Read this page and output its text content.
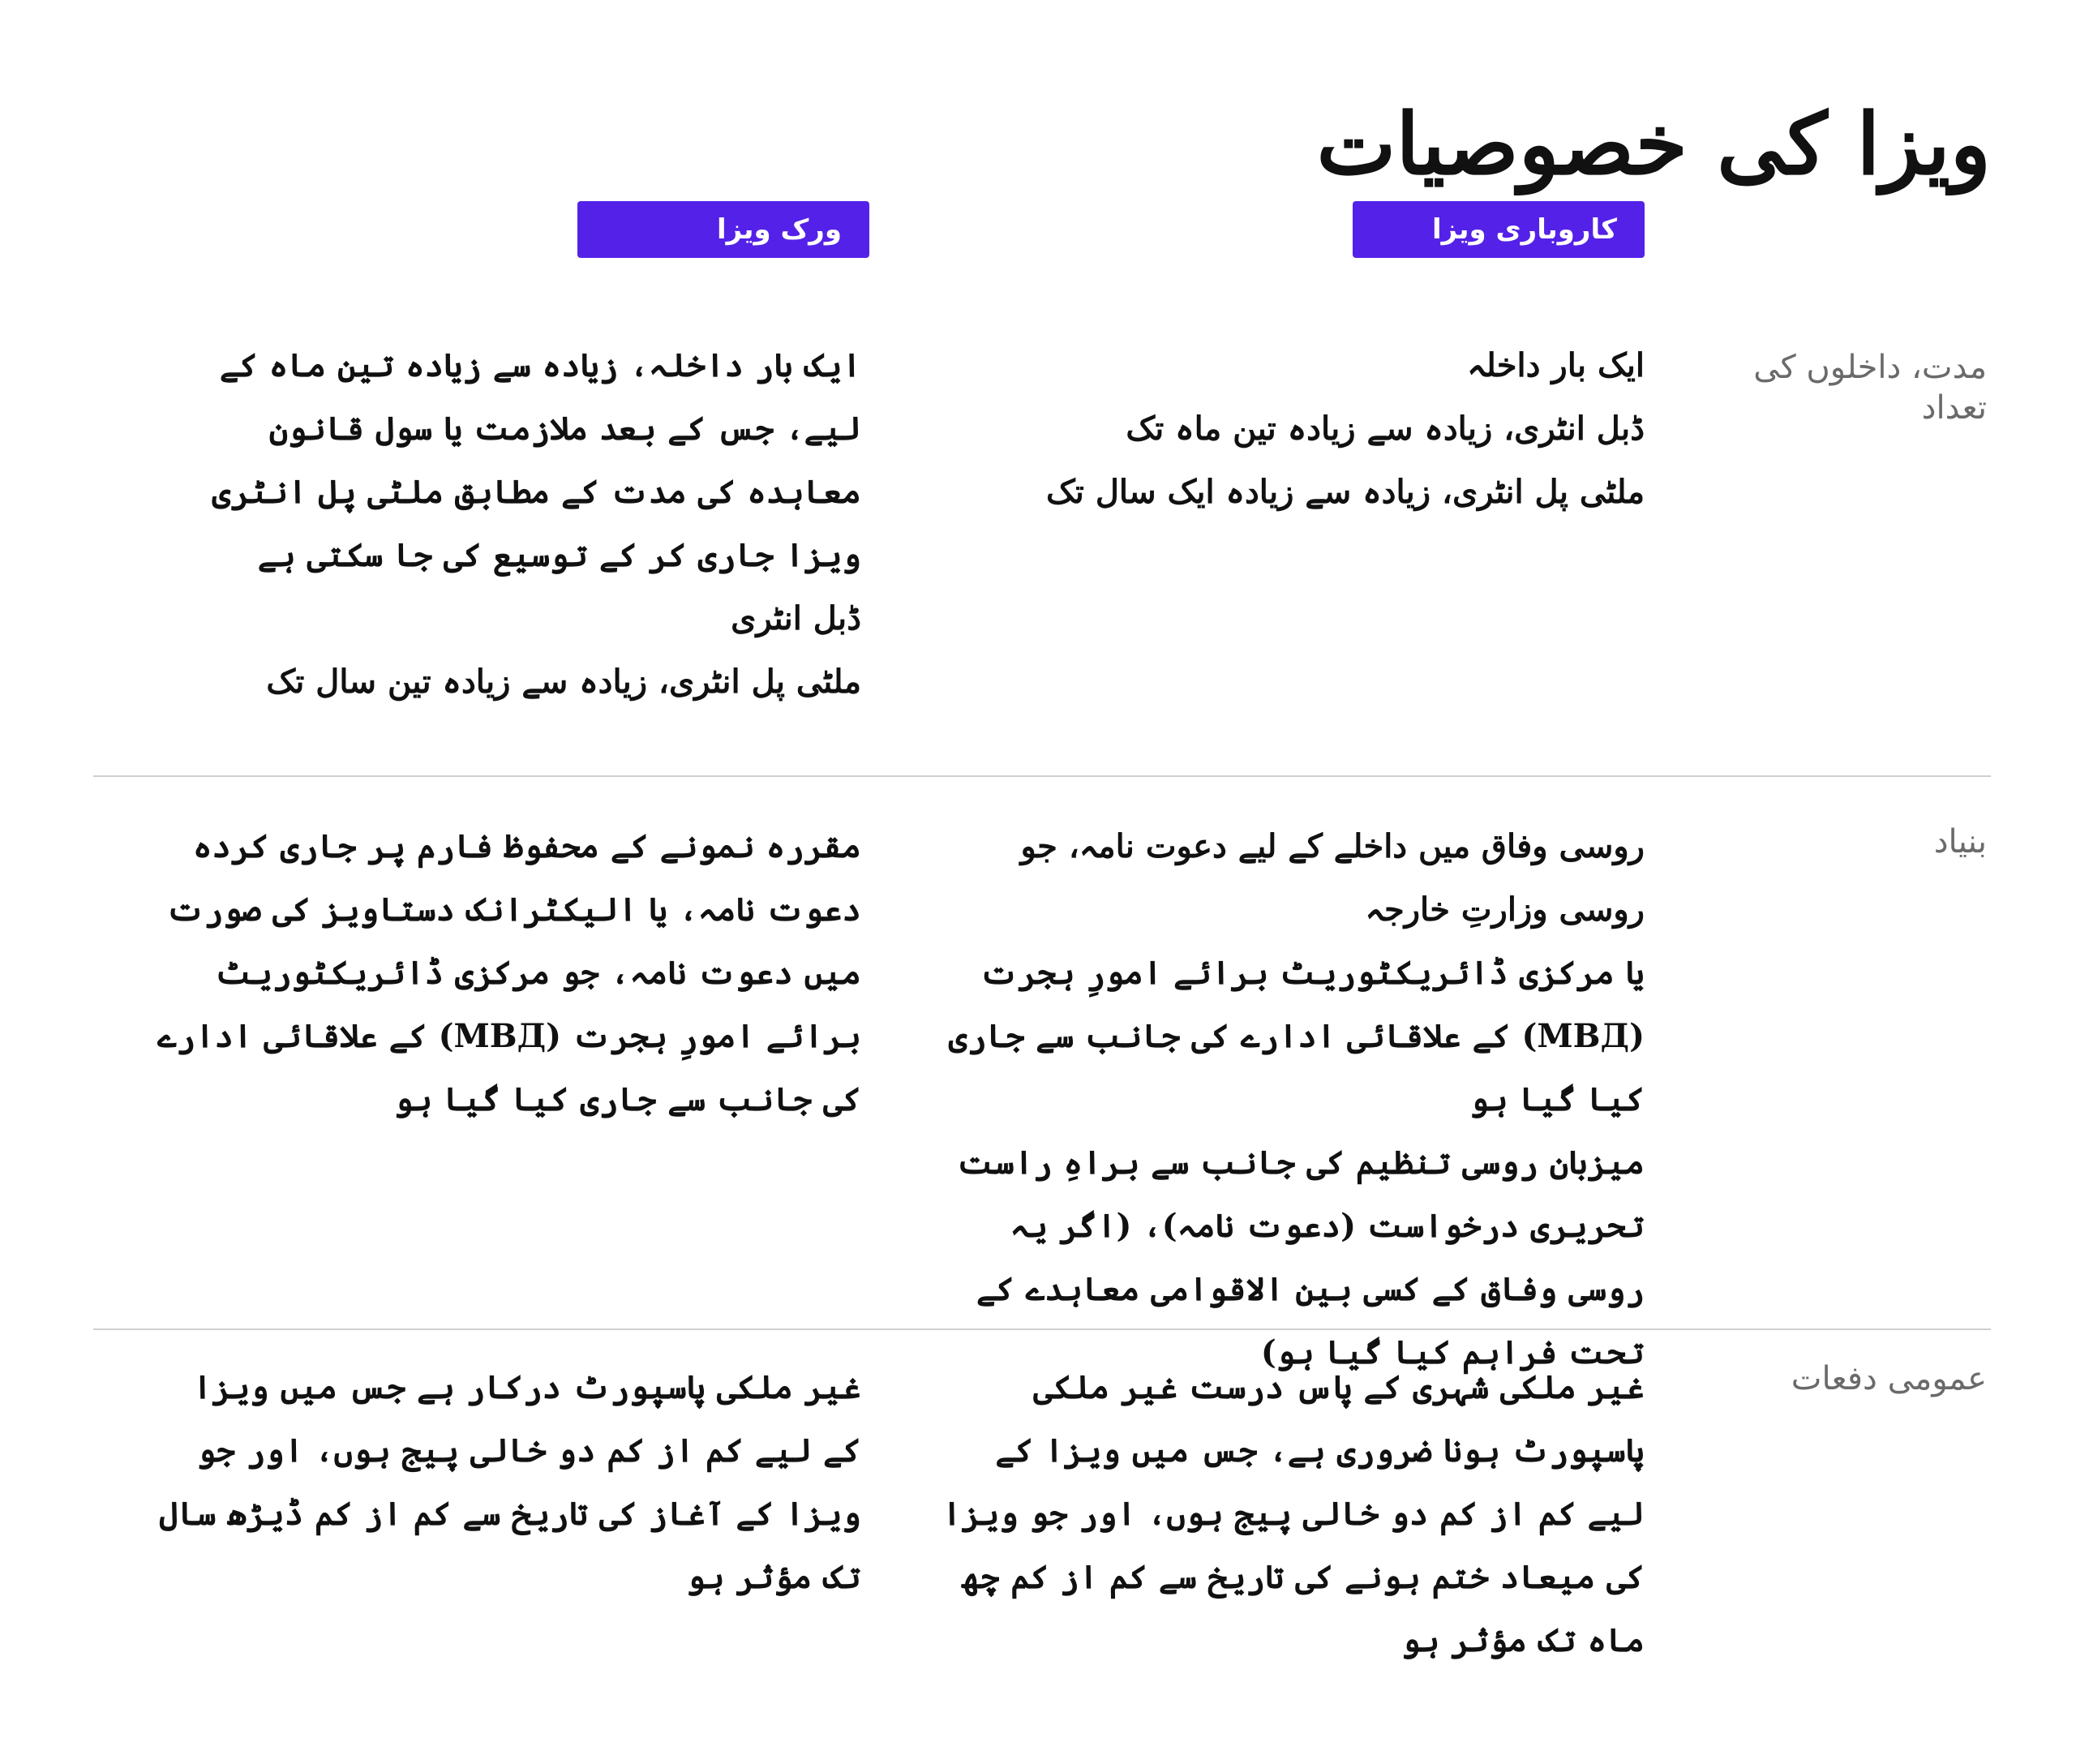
ویزا کی خصوصیات
کاروباری ویزا
ورک ویزا
مدت، داخلوں کی تعداد
ایک بار داخلہ
ڈبل انٹری، زیادہ سے زیادہ تین ماہ تک
ملٹی پل انٹری، زیادہ سے زیادہ ایک سال تک
ایک بار داخلہ، زیادہ سے زیادہ تین ماہ کے لیے، جس کے بعد ملازمت یا سول قانون معاہدہ کی مدت کے مطابق ملٹی پل انٹری ویزا جاری کر کے توسیع کی جا سکتی ہے
ڈبل انٹری
ملٹی پل انٹری، زیادہ سے زیادہ تین سال تک
بنیاد
روسی وفاق میں داخلے کے لیے دعوت نامہ، جو روسی وزارتِ خارجہ
یا مرکزی ڈائریکٹوریٹ برائے امورِ ہجرت (МВД) کے علاقائی ادارے کی جانب سے جاری کیا گیا ہو
میزبان روسی تنظیم کی جانب سے براہِ راست تحریری درخواست (دعوت نامہ)، (اگر یہ روسی وفاق کے کسی بین الاقوامی معاہدے کے تحت فراہم کیا گیا ہو)
مقررہ نمونے کے محفوظ فارم پر جاری کردہ دعوت نامہ، یا الیکٹرانک دستاویز کی صورت میں دعوت نامہ، جو مرکزی ڈائریکٹوریٹ برائے امورِ ہجرت (МВД) کے علاقائی ادارے کی جانب سے جاری کیا گیا ہو
عمومی دفعات
غیر ملکی شہری کے پاس درست غیر ملکی پاسپورٹ ہونا ضروری ہے، جس میں ویزا کے لیے کم از کم دو خالی پیج ہوں، اور جو ویزا کی میعاد ختم ہونے کی تاریخ سے کم از کم چھ ماہ تک مؤثر ہو
غیر ملکی پاسپورٹ درکار ہے جس میں ویزا کے لیے کم از کم دو خالی پیج ہوں، اور جو ویزا کے آغاز کی تاریخ سے کم از کم ڈیڑھ سال تک مؤثر ہو
